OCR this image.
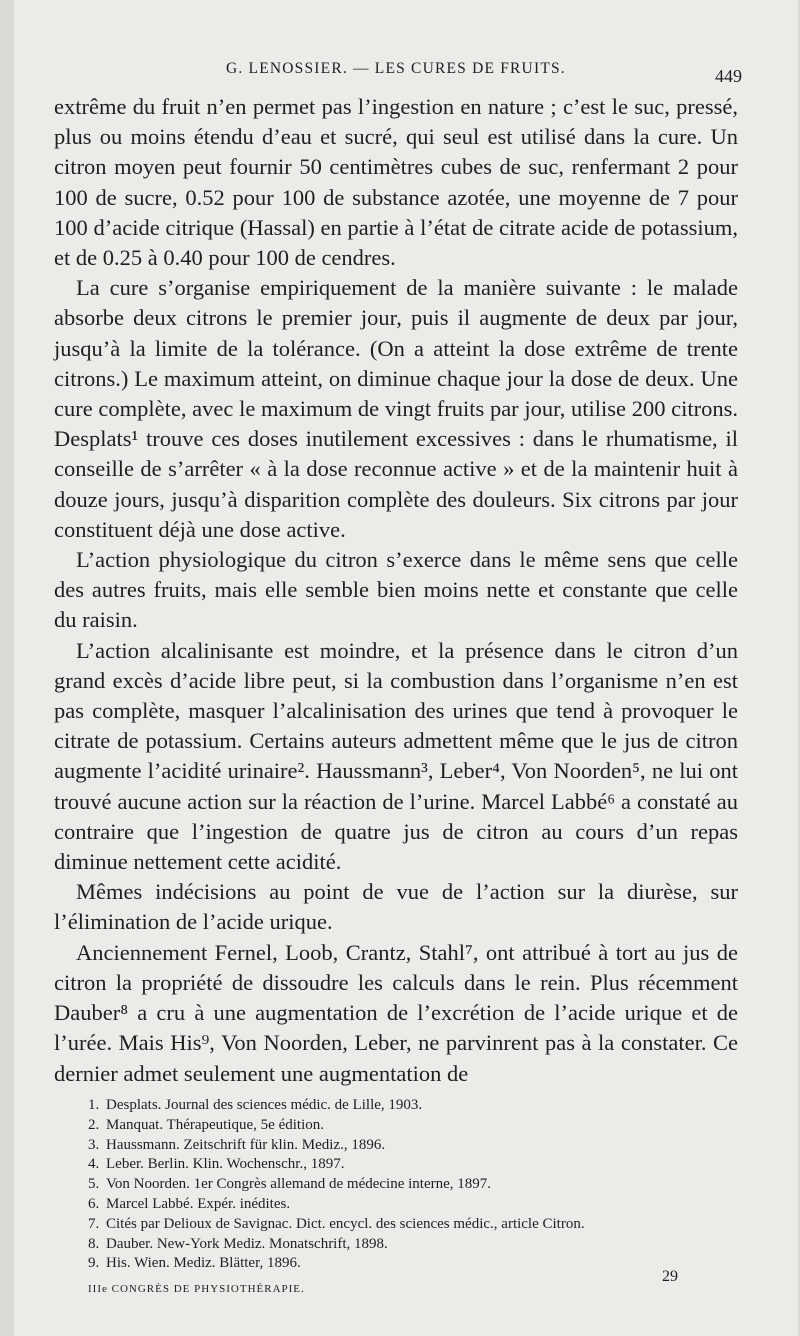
G. LENOSSIER. — LES CURES DE FRUITS.	449

extrême du fruit n’en permet pas l’ingestion en nature ; c’est le suc, pressé, plus ou moins étendu d’eau et sucré, qui seul est utilisé dans la cure. Un citron moyen peut fournir 50 centimètres cubes de suc, renfermant 2 pour 100 de sucre, 0.52 pour 100 de substance azotée, une moyenne de 7 pour 100 d’acide citrique (Hassal) en partie à l’état de citrate acide de potassium, et de 0.25 à 0.40 pour 100 de cendres.

La cure s’organise empiriquement de la manière suivante : le malade absorbe deux citrons le premier jour, puis il augmente de deux par jour, jusqu’à la limite de la tolérance. (On a atteint la dose extrême de trente citrons.) Le maximum atteint, on diminue chaque jour la dose de deux. Une cure complète, avec le maximum de vingt fruits par jour, utilise 200 citrons. Desplats¹ trouve ces doses inutilement excessives : dans le rhumatisme, il conseille de s’arrêter « à la dose reconnue active » et de la maintenir huit à douze jours, jusqu’à disparition complète des douleurs. Six citrons par jour constituent déjà une dose active.

L’action physiologique du citron s’exerce dans le même sens que celle des autres fruits, mais elle semble bien moins nette et constante que celle du raisin.

L’action alcalinisante est moindre, et la présence dans le citron d’un grand excès d’acide libre peut, si la combustion dans l’organisme n’en est pas complète, masquer l’alcalinisation des urines que tend à provoquer le citrate de potassium. Certains auteurs admettent même que le jus de citron augmente l’acidité urinaire². Haussmann³, Leber⁴, Von Noorden⁵, ne lui ont trouvé aucune action sur la réaction de l’urine. Marcel Labbé⁶ a constaté au contraire que l’ingestion de quatre jus de citron au cours d’un repas diminue nettement cette acidité.

Mêmes indécisions au point de vue de l’action sur la diurèse, sur l’élimination de l’acide urique.

Anciennement Fernel, Loob, Crantz, Stahl⁷, ont attribué à tort au jus de citron la propriété de dissoudre les calculs dans le rein. Plus récemment Dauber⁸ a cru à une augmentation de l’excrétion de l’acide urique et de l’urée. Mais His⁹, Von Noorden, Leber, ne parvinrent pas à la constater. Ce dernier admet seulement une augmentation de

1. Desplats. Journal des sciences médic. de Lille, 1903.
2. Manquat. Thérapeutique, 5e édition.
3. Haussmann. Zeitschrift für klin. Mediz., 1896.
4. Leber. Berlin. Klin. Wochenschr., 1897.
5. Von Noorden. 1er Congrès allemand de médecine interne, 1897.
6. Marcel Labbé. Expér. inédites.
7. Cités par Delioux de Savignac. Dict. encycl. des sciences médic., article Citron.
8. Dauber. New-York Mediz. Monatschrift, 1898.
9. His. Wien. Mediz. Blätter, 1896.
IIIe CONGRÈS DE PHYSIOTHÉRAPIE.
29
